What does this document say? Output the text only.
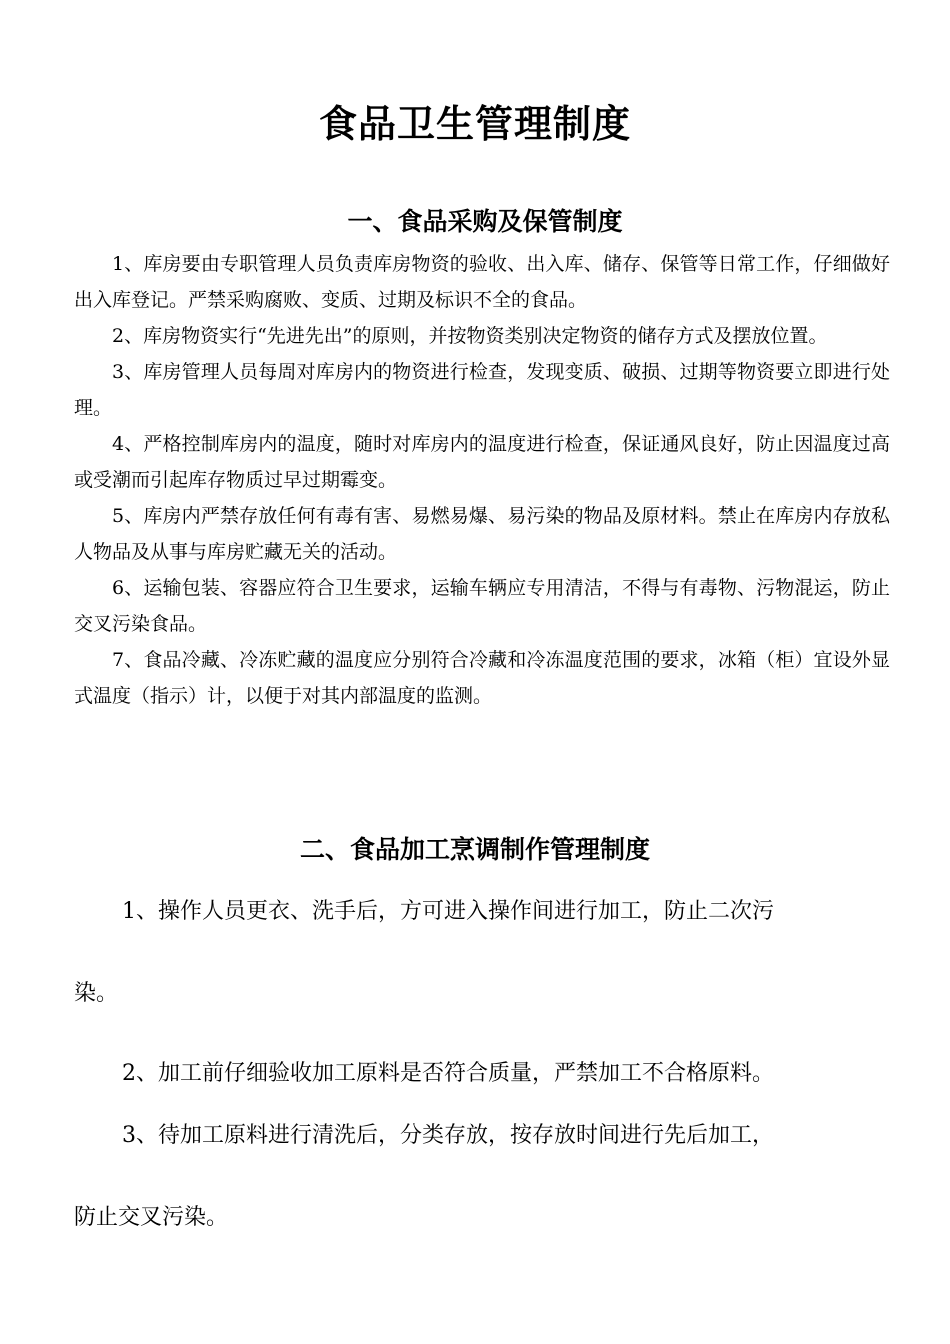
食品卫生管理制度
一、食品采购及保管制度

1、库房要由专职管理人员负责库房物资的验收、出入库、储存、保管等日常工作，仔细做好出入库登记。严禁采购腐败、变质、过期及标识不全的食品。

2、库房物资实行“先进先出”的原则，并按物资类别决定物资的储存方式及摆放位置。

3、库房管理人员每周对库房内的物资进行检查，发现变质、破损、过期等物资要立即进行处理。

4、严格控制库房内的温度，随时对库房内的温度进行检查，保证通风良好，防止因温度过高或受潮而引起库存物质过早过期霉变。

5、库房内严禁存放任何有毒有害、易燃易爆、易污染的物品及原材料。禁止在库房内存放私人物品及从事与库房贮藏无关的活动。

6、运输包装、容器应符合卫生要求，运输车辆应专用清洁，不得与有毒物、污物混运，防止交叉污染食品。

7、食品冷藏、冷冻贮藏的温度应分别符合冷藏和冷冻温度范围的要求，冰箱（柜）宜设外显式温度（指示）计，以便于对其内部温度的监测。

二、食品加工烹调制作管理制度

1、操作人员更衣、洗手后，方可进入操作间进行加工，防止二次污
染。

2、加工前仔细验收加工原料是否符合质量，严禁加工不合格原料。

3、待加工原料进行清洗后，分类存放，按存放时间进行先后加工，
防止交叉污染。
